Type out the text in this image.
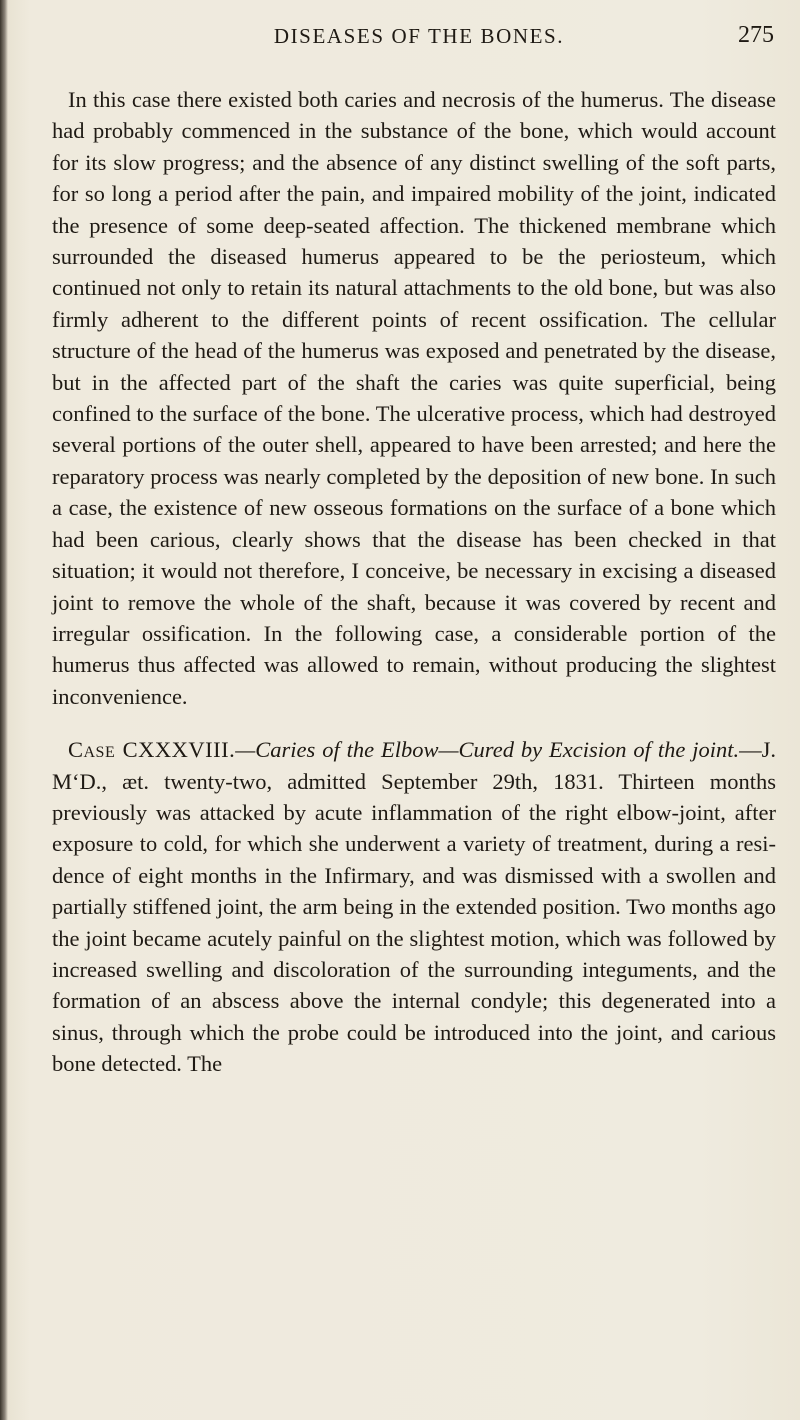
DISEASES OF THE BONES.	275

In this case there existed both caries and necrosis of the humerus. The disease had probably commenced in the substance of the bone, which would account for its slow progress; and the absence of any distinct swelling of the soft parts, for so long a period after the pain, and impaired mobility of the joint, indicated the presence of some deep-seated affection. The thickened membrane which surrounded the diseased humerus appeared to be the periosteum, which continued not only to retain its natural attachments to the old bone, but was also firmly adherent to the different points of recent ossification. The cellular structure of the head of the humerus was exposed and penetrated by the disease, but in the affected part of the shaft the caries was quite superficial, being confined to the surface of the bone. The ulcerative process, which had destroyed several portions of the outer shell, appeared to have been arrested; and here the reparatory process was nearly completed by the deposition of new bone. In such a case, the existence of new osseous formations on the surface of a bone which had been carious, clearly shows that the disease has been checked in that situation; it would not therefore, I conceive, be necessary in excising a diseased joint to remove the whole of the shaft, because it was covered by recent and irregular ossification. In the following case, a considerable portion of the humerus thus affected was allowed to remain, without producing the slightest inconvenience.

Case CXXXVIII.—Caries of the Elbow—Cured by Excision of the joint.—J. M‘D., æt. twenty-two, admitted September 29th, 1831. Thirteen months previously was attacked by acute inflammation of the right elbow-joint, after exposure to cold, for which she underwent a variety of treatment, during a residence of eight months in the Infirmary, and was dismissed with a swollen and partially stiffened joint, the arm being in the extended position. Two months ago the joint became acutely painful on the slightest motion, which was followed by increased swelling and discoloration of the surrounding integuments, and the formation of an abscess above the internal condyle; this degenerated into a sinus, through which the probe could be introduced into the joint, and carious bone detected. The
